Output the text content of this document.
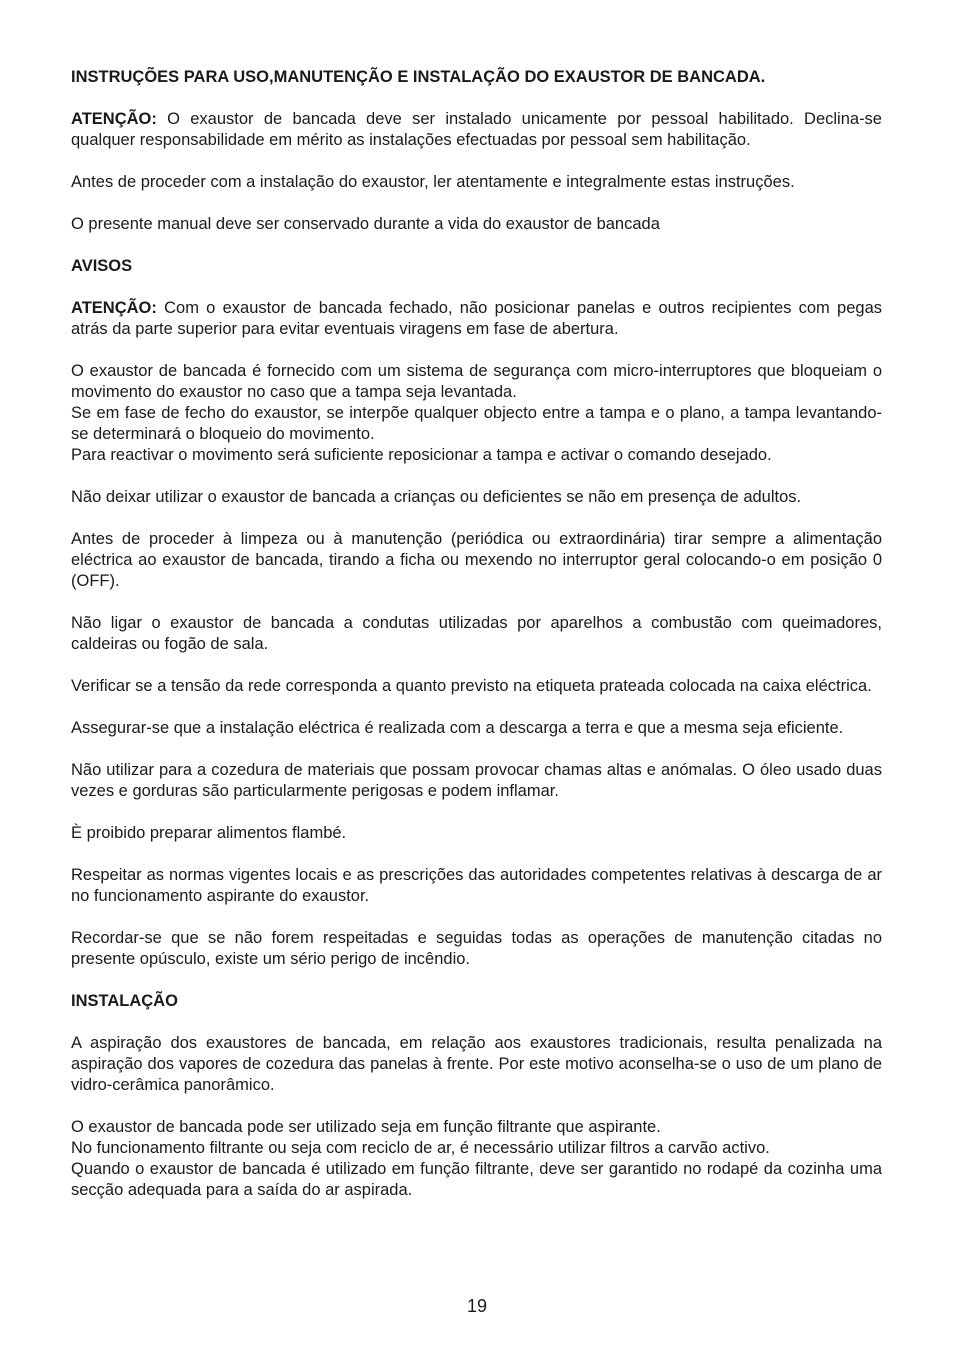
INSTRUÇÕES PARA USO,MANUTENÇÃO E INSTALAÇÃO DO EXAUSTOR DE BANCADA.

ATENÇÃO: O exaustor de bancada deve ser instalado unicamente por pessoal habilitado. Declina-se qualquer responsabilidade em mérito as instalações efectuadas por pessoal sem habilitação.

Antes de proceder com a instalação do exaustor, ler atentamente e integralmente estas instruções.

O presente manual deve ser conservado durante a vida do exaustor de bancada

AVISOS

ATENÇÃO: Com o exaustor de bancada fechado, não posicionar panelas e outros recipientes com pegas atrás da parte superior para evitar eventuais viragens em fase de abertura.

O exaustor de bancada é fornecido com um sistema de segurança com micro-interruptores que bloqueiam o movimento do exaustor no caso que a tampa seja levantada.
Se em fase de fecho do exaustor, se interpõe qualquer objecto entre a tampa e o plano, a tampa levantando-se determinará o bloqueio do movimento.
Para reactivar o movimento será suficiente reposicionar a tampa e activar o comando desejado.

Não deixar utilizar o exaustor de bancada a crianças ou deficientes se não em presença de adultos.

Antes de proceder à limpeza ou à manutenção (periódica ou extraordinária) tirar sempre a alimentação eléctrica ao exaustor de bancada, tirando a ficha ou mexendo no interruptor geral colocando-o em posição 0 (OFF).

Não ligar o exaustor de bancada a condutas utilizadas por aparelhos a combustão com queimadores, caldeiras ou fogão de sala.

Verificar se a tensão da rede corresponda a quanto previsto na etiqueta prateada colocada na caixa eléctrica.

Assegurar-se que a instalação eléctrica é realizada com a descarga a terra e que a mesma seja eficiente.

Não utilizar para a cozedura de materiais que possam provocar chamas altas e anómalas. O óleo usado duas vezes e gorduras são particularmente perigosas e podem inflamar.

È proibido preparar alimentos flambé.

Respeitar as normas vigentes locais e as prescrições das autoridades competentes relativas à descarga de ar no funcionamento aspirante do exaustor.

Recordar-se que se não forem respeitadas e seguidas todas as operações de manutenção citadas no presente opúsculo, existe um sério perigo de incêndio.

INSTALAÇÃO

A aspiração dos exaustores de bancada, em relação aos exaustores tradicionais, resulta penalizada na aspiração dos vapores de cozedura das panelas à frente. Por este motivo aconselha-se o uso de um plano de vidro-cerâmica panorâmico.

O exaustor de bancada pode ser utilizado seja em função filtrante que aspirante.
No funcionamento filtrante ou seja com reciclo de ar, é necessário utilizar filtros a carvão activo.
Quando o exaustor de bancada é utilizado em função filtrante, deve ser garantido no rodapé da cozinha uma secção adequada para a saída do ar aspirada.

19
